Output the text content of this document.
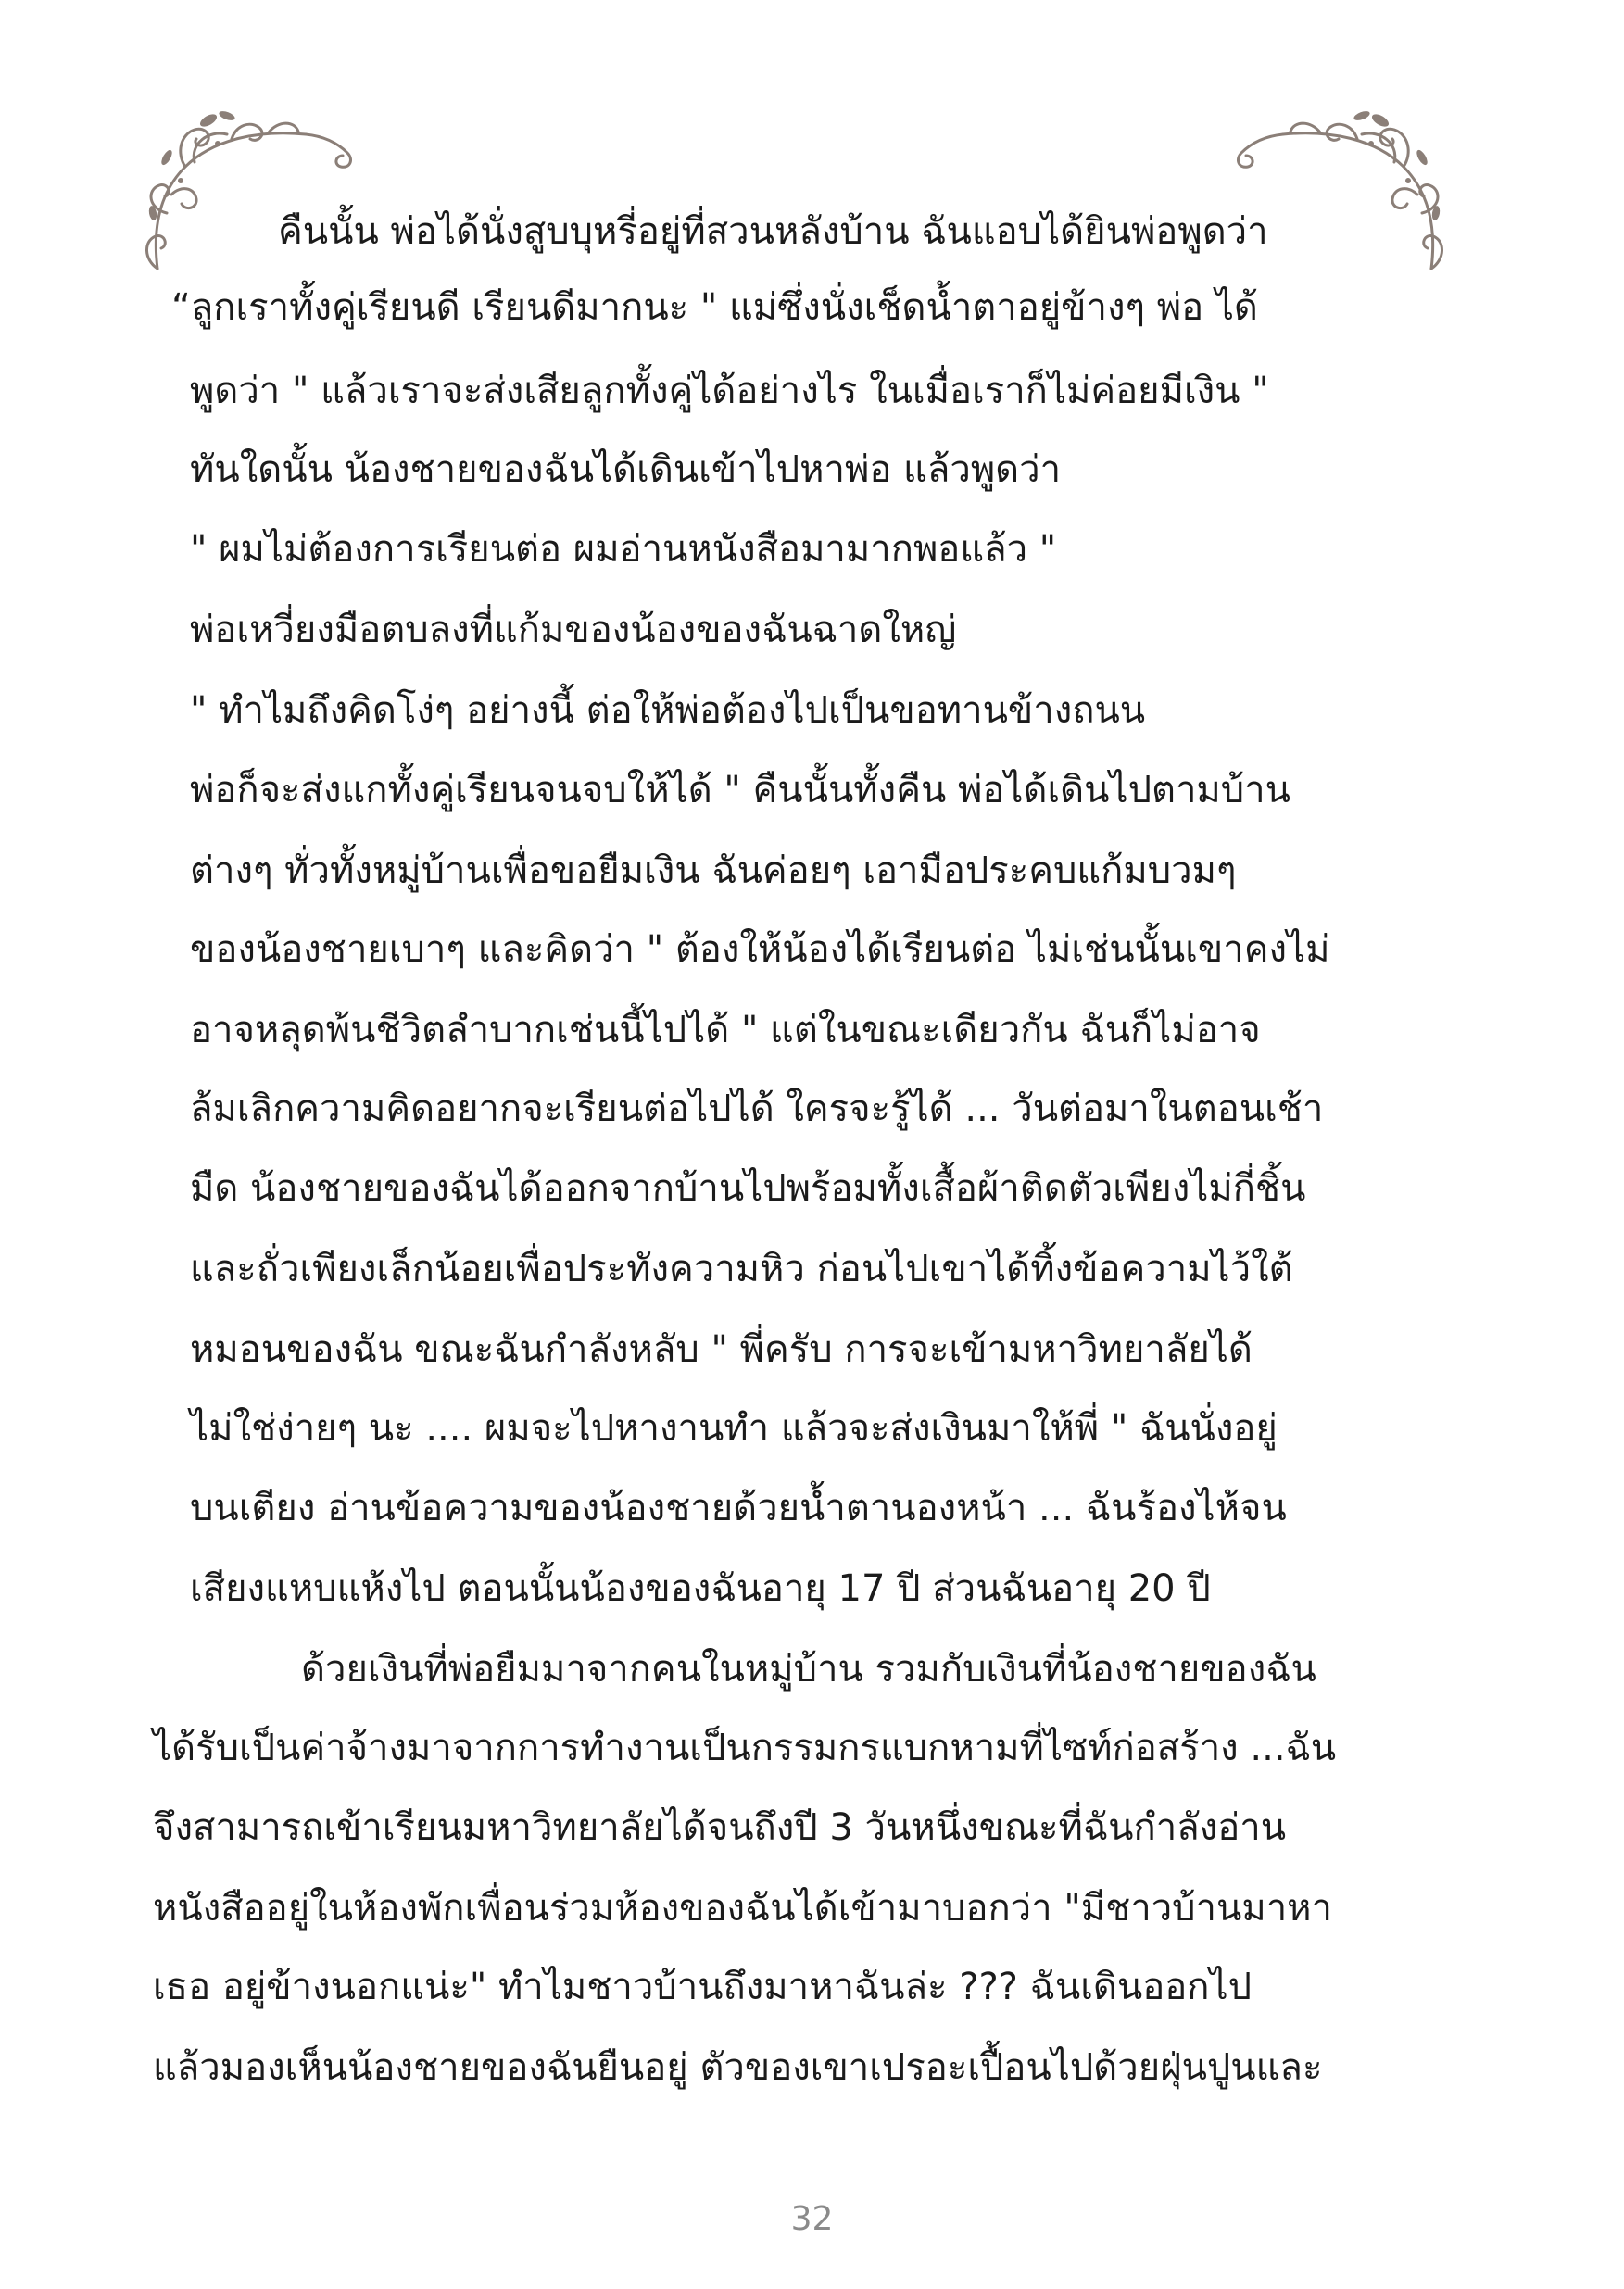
คืนนั้น พ่อได้นั่งสูบบุหรี่อยู่ที่สวนหลังบ้าน ฉันแอบได้ยินพ่อพูดว่า
“ลูกเราทั้งคู่เรียนดี เรียนดีมากนะ " แม่ซึ่งนั่งเช็ดน้ำตาอยู่ข้างๆ พ่อ ได้
พูดว่า " แล้วเราจะส่งเสียลูกทั้งคู่ได้อย่างไร ในเมื่อเราก็ไม่ค่อยมีเงิน "
ทันใดนั้น น้องชายของฉันได้เดินเข้าไปหาพ่อ แล้วพูดว่า
" ผมไม่ต้องการเรียนต่อ ผมอ่านหนังสือมามากพอแล้ว "
พ่อเหวี่ยงมือตบลงที่แก้มของน้องของฉันฉาดใหญ่
" ทำไมถึงคิดโง่ๆ อย่างนี้ ต่อให้พ่อต้องไปเป็นขอทานข้างถนน
พ่อก็จะส่งแกทั้งคู่เรียนจนจบให้ได้ " คืนนั้นทั้งคืน พ่อได้เดินไปตามบ้าน
ต่างๆ ทั่วทั้งหมู่บ้านเพื่อขอยืมเงิน ฉันค่อยๆ เอามือประคบแก้มบวมๆ
ของน้องชายเบาๆ และคิดว่า " ต้องให้น้องได้เรียนต่อ ไม่เช่นนั้นเขาคงไม่
อาจหลุดพ้นชีวิตลำบากเช่นนี้ไปได้ " แต่ในขณะเดียวกัน ฉันก็ไม่อาจ
ล้มเลิกความคิดอยากจะเรียนต่อไปได้ ใครจะรู้ได้ ... วันต่อมาในตอนเช้า
มืด น้องชายของฉันได้ออกจากบ้านไปพร้อมทั้งเสื้อผ้าติดตัวเพียงไม่กี่ชิ้น
และถั่วเพียงเล็กน้อยเพื่อประทังความหิว ก่อนไปเขาได้ทิ้งข้อความไว้ใต้
หมอนของฉัน ขณะฉันกำลังหลับ " พี่ครับ การจะเข้ามหาวิทยาลัยได้
ไม่ใช่ง่ายๆ นะ .... ผมจะไปหางานทำ แล้วจะส่งเงินมาให้พี่ " ฉันนั่งอยู่
บนเตียง อ่านข้อความของน้องชายด้วยน้ำตานองหน้า ... ฉันร้องไห้จน
เสียงแหบแห้งไป ตอนนั้นน้องของฉันอายุ 17 ปี ส่วนฉันอายุ 20 ปี
ด้วยเงินที่พ่อยืมมาจากคนในหมู่บ้าน รวมกับเงินที่น้องชายของฉัน
ได้รับเป็นค่าจ้างมาจากการทำงานเป็นกรรมกรแบกหามที่ไซท์ก่อสร้าง ...ฉัน
จึงสามารถเข้าเรียนมหาวิทยาลัยได้จนถึงปี 3 วันหนึ่งขณะที่ฉันกำลังอ่าน
หนังสืออยู่ในห้องพักเพื่อนร่วมห้องของฉันได้เข้ามาบอกว่า "มีชาวบ้านมาหา
เธอ อยู่ข้างนอกแน่ะ" ทำไมชาวบ้านถึงมาหาฉันล่ะ ??? ฉันเดินออกไป
แล้วมองเห็นน้องชายของฉันยืนอยู่ ตัวของเขาเปรอะเปื้อนไปด้วยฝุ่นปูนและ
32
